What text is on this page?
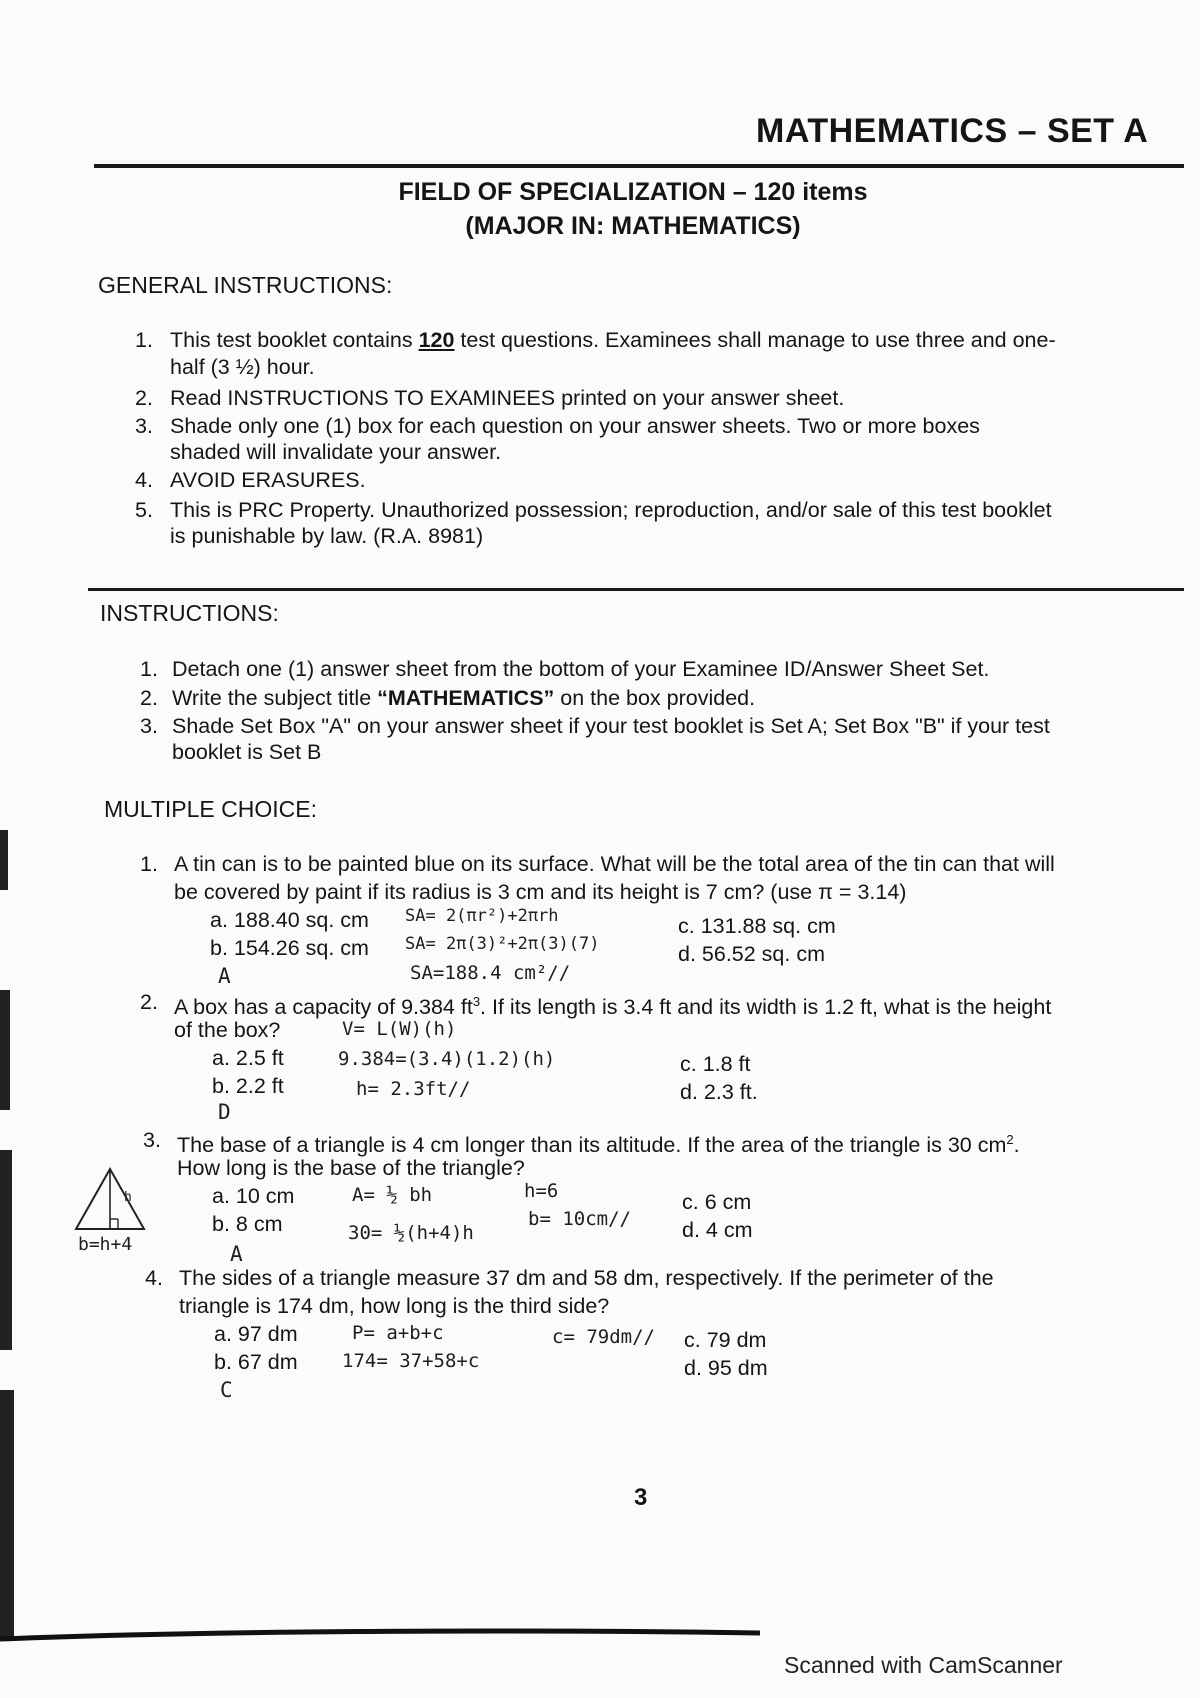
MATHEMATICS – SET A
FIELD OF SPECIALIZATION – 120 items
(MAJOR IN: MATHEMATICS)
GENERAL INSTRUCTIONS:
1. This test booklet contains 120 test questions. Examinees shall manage to use three and one-
half (3 ½) hour.
2. Read INSTRUCTIONS TO EXAMINEES printed on your answer sheet.
3. Shade only one (1) box for each question on your answer sheets. Two or more boxes
shaded will invalidate your answer.
4. AVOID ERASURES.
5. This is PRC Property. Unauthorized possession; reproduction, and/or sale of this test booklet
is punishable by law. (R.A. 8981)
INSTRUCTIONS:
1. Detach one (1) answer sheet from the bottom of your Examinee ID/Answer Sheet Set.
2. Write the subject title “MATHEMATICS” on the box provided.
3. Shade Set Box "A" on your answer sheet if your test booklet is Set A; Set Box "B" if your test
booklet is Set B
MULTIPLE CHOICE:
1. A tin can is to be painted blue on its surface. What will be the total area of the tin can that will
be covered by paint if its radius is 3 cm and its height is 7 cm? (use π = 3.14)
a. 188.40 sq. cm
b. 154.26 sq. cm
c. 131.88 sq. cm
d. 56.52 sq. cm
A
SA= 2(πr²)+2πrh
SA= 2π(3)²+2π(3)(7)
SA=188.4 cm²//
2. A box has a capacity of 9.384 $ft^3$. If its length is 3.4 ft and its width is 1.2 ft, what is the height
of the box?
a. 2.5 ft
b. 2.2 ft
c. 1.8 ft
d. 2.3 ft.
D
V= L(W)(h)
9.384=(3.4)(1.2)(h)
h= 2.3ft//
3. The base of a triangle is 4 cm longer than its altitude. If the area of the triangle is 30 $cm^2$.
How long is the base of the triangle?
a. 10 cm
b. 8 cm
c. 6 cm
d. 4 cm
A
A= ½ bh
30= ½(h+4)h
h=6
b= 10cm//
h
b=h+4
4. The sides of a triangle measure 37 dm and 58 dm, respectively. If the perimeter of the
triangle is 174 dm, how long is the third side?
a. 97 dm
b. 67 dm
c. 79 dm
d. 95 dm
C
P= a+b+c
174= 37+58+c
c= 79dm//
3
Scanned with CamScanner
